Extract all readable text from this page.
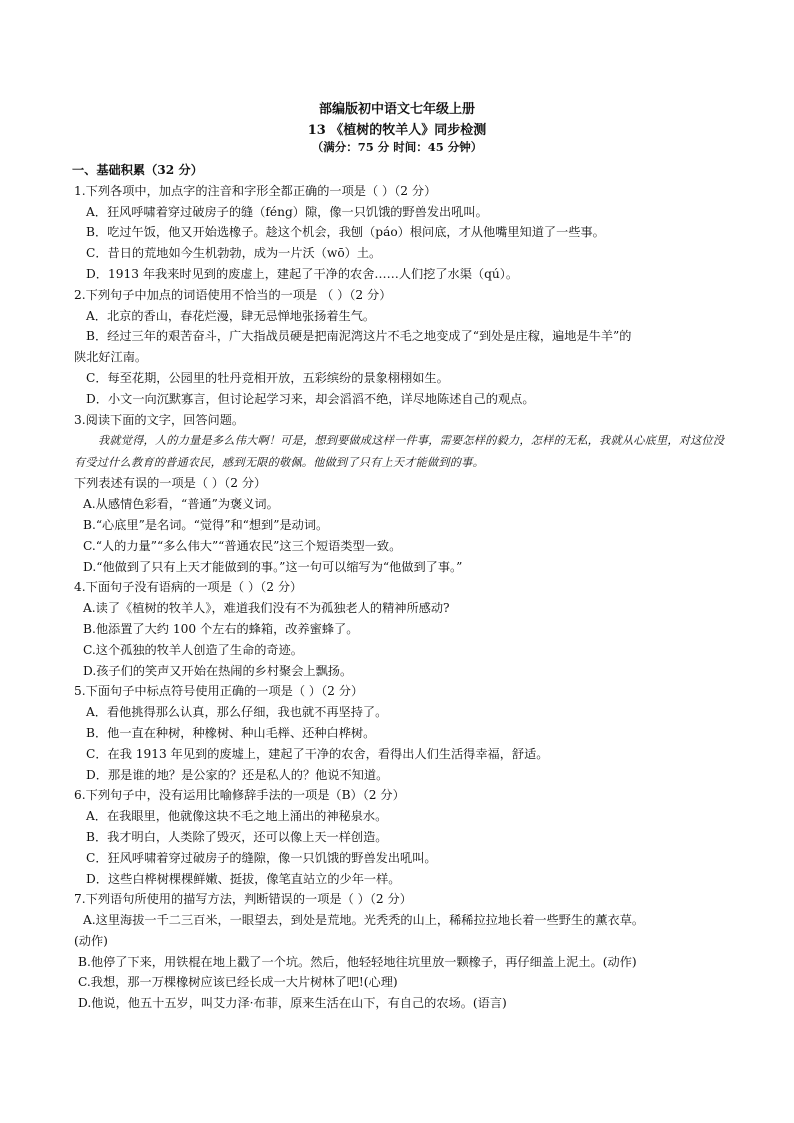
部编版初中语文七年级上册
13 《植树的牧羊人》同步检测
（满分：75 分 时间：45 分钟）
一、基础积累（32 分）
1.下列各项中，加点字的注音和字形全都正确的一项是（ ）（2 分）
A．狂风呼啸着穿过破房子的缝（féng）隙，像一只饥饿的野兽发出吼叫。
B．吃过午饭，他又开始选橡子。趁这个机会，我刨（páo）根问底，才从他嘴里知道了一些事。
C．昔日的荒地如今生机勃勃，成为一片沃（wō）土。
D．1913 年我来时见到的废虚上，建起了干净的农舍……人们挖了水渠（qú）。
2.下列句子中加点的词语使用不恰当的一项是 （ ）（2 分）
A．北京的香山，春花烂漫，肆无忌惮地张扬着生气。
B．经过三年的艰苦奋斗，广大指战员硬是把南泥湾这片不毛之地变成了“到处是庄稼，遍地是牛羊”的
陕北好江南。
C．每至花期，公园里的牡丹竞相开放，五彩缤纷的景象栩栩如生。
D．小文一向沉默寡言，但讨论起学习来，却会滔滔不绝，详尽地陈述自己的观点。
3.阅读下面的文字，回答问题。
我就觉得，人的力量是多么伟大啊！可是，想到要做成这样一件事，需要怎样的毅力，怎样的无私，我就从心底里，对这位没有受过什么教育的普通农民，感到无限的敬佩。他做到了只有上天才能做到的事。
下列表述有误的一项是（ ）（2 分）
A.从感情色彩看，“普通”为褒义词。
B.“心底里”是名词。“觉得”和“想到”是动词。
C.“人的力量”“多么伟大”“普通农民”这三个短语类型一致。
D.“他做到了只有上天才能做到的事。”这一句可以缩写为“他做到了事。”
4.下面句子没有语病的一项是（ ）（2 分）
A.读了《植树的牧羊人》，难道我们没有不为孤独老人的精神所感动?
B.他添置了大约 100 个左右的蜂箱，改养蜜蜂了。
C.这个孤独的牧羊人创造了生命的奇迹。
D.孩子们的笑声又开始在热闹的乡村聚会上飘扬。
5.下面句子中标点符号使用正确的一项是（ ）（2 分）
A．看他挑得那么认真，那么仔细，我也就不再坚持了。
B．他一直在种树，种橡树、种山毛榉、还种白桦树。
C．在我 1913 年见到的废墟上，建起了干净的农舍，看得出人们生活得幸福，舒适。
D．那是谁的地？是公家的？还是私人的？他说不知道。
6.下列句子中，没有运用比喻修辞手法的一项是（B）（2 分）
A．在我眼里，他就像这块不毛之地上涌出的神秘泉水。
B．我才明白，人类除了毁灭，还可以像上天一样创造。
C．狂风呼啸着穿过破房子的缝隙，像一只饥饿的野兽发出吼叫。
D．这些白桦树棵棵鲜嫩、挺拔，像笔直站立的少年一样。
7.下列语句所使用的描写方法，判断错误的一项是（ ）（2 分）
A.这里海拔一千二三百米，一眼望去，到处是荒地。光秃秃的山上，稀稀拉拉地长着一些野生的薰衣草。
(动作)
B.他停了下来，用铁棍在地上戳了一个坑。然后，他轻轻地往坑里放一颗橡子，再仔细盖上泥土。(动作)
C.我想，那一万棵橡树应该已经长成一大片树林了吧!(心理)
D.他说，他五十五岁，叫艾力泽·布菲，原来生活在山下，有自己的农场。(语言)
